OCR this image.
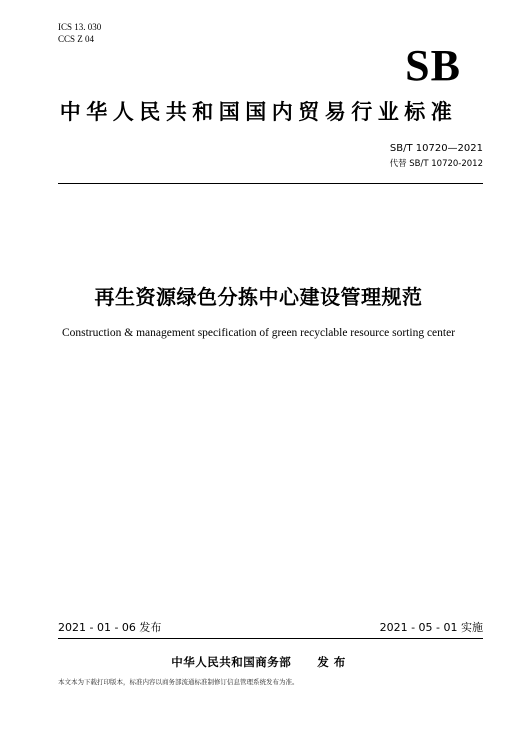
ICS 13. 030
CCS Z 04
SB
中华人民共和国国内贸易行业标准
SB/T 10720—2021
代替 SB/T 10720-2012
再生资源绿色分拣中心建设管理规范
Construction & management specification of green recyclable resource sorting center
2021 - 01 - 06 发布	2021 - 05 - 01 实施
中华人民共和国商务部 发 布
本文本为下载打印版本，标准内容以商务部流通标准制修订信息管理系统发布为准。
